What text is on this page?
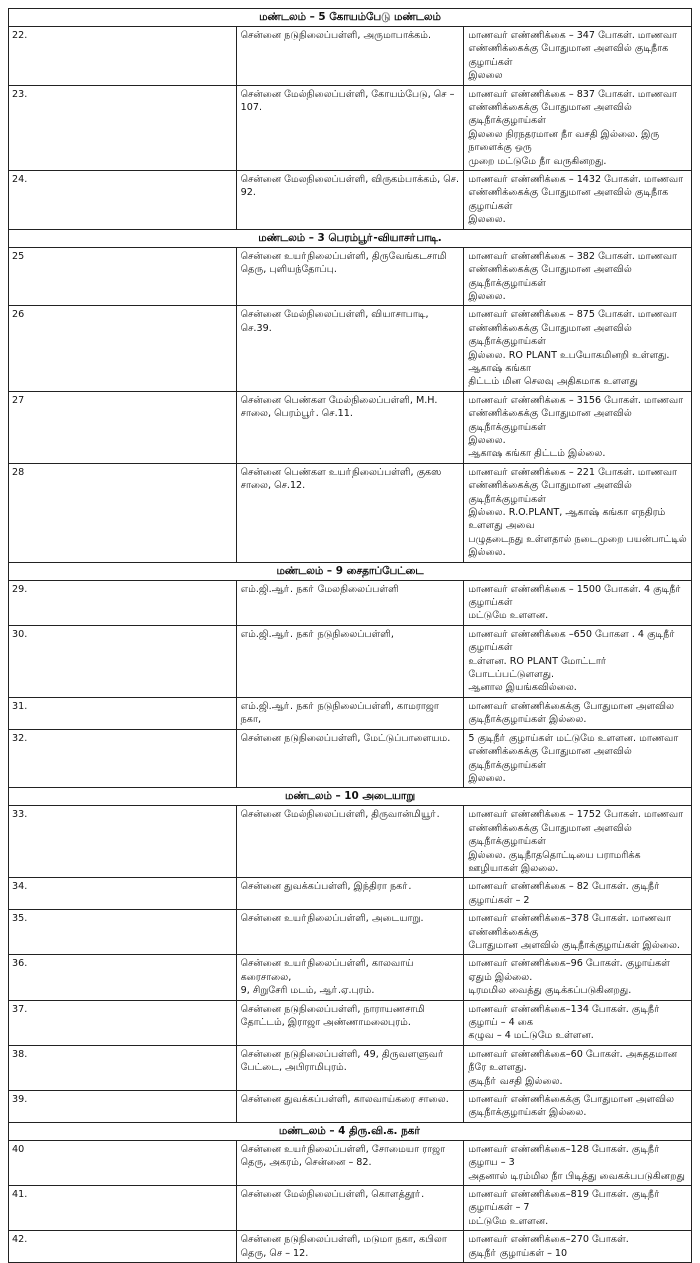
மண்டலம் – 5 கோயம்பேடு மண்டலம்		
22.	சென்னை நடுநிலைப்பள்ளி, அருமாபாக்கம்.	மாணவர் எண்ணிக்கை – 347 போகள். மாணவா
எண்ணிக்கைக்கு போதுமான அளவில் குடிநீாக குழாய்கள்
இலலை

23.	சென்னை மேல்நிலைப்பள்ளி, கோயம்பேடு, செ –
107.	மாணவர் எண்ணிக்கை – 837 போகள். மாணவா
எண்ணிக்கைக்கு போதுமான அளவில் குடிநீாக்குழாய்கள்
இலலை நிரநதரமான நீா வசதி இல்லை. இரு நாளைக்கு ஒரு
முறை மட்டுமே நீா வருகினறது.

24.	சென்னை மேலநிலைப்பள்ளி, விருகம்பாக்கம், செ.
92.	மாணவர் எண்ணிக்கை – 1432 போகள். மாணவா
எண்ணிக்கைக்கு போதுமான அளவில் குடிநீாக குழாய்கள்
இலலை.

மண்டலம் – 3 பெரம்பூா்-வியாசா்பாடி.		
25	சென்னை உயா்நிலைப்பள்ளி, திருவேங்கடசாமி
தெரு, புளியந்தோப்பு.	மாணவர் எண்ணிக்கை – 382 போகள். மாணவா
எண்ணிக்கைக்கு போதுமான அளவில் குடிநீாக்குழாய்கள்
இலலை.

26	சென்னை மேல்நிலைப்பள்ளி, வியாசாபாடி, செ.39.	மாணவர் எண்ணிக்கை – 875 போகள். மாணவா
எண்ணிக்கைக்கு போதுமான அளவில் குடிநீாக்குழாய்கள்
இல்லை. RO PLANT உபயோகமினறி உள்ளது. ஆகாஷ் கங்கா
திட்டம் மின செலவு அதிகமாக உளளது

27	சென்னை பெண்கள மேல்நிலைப்பள்ளி, M.H.
சாலை, பெரம்பூா். செ.11.	மாணவர் எண்ணிக்கை – 3156 போகள். மாணவா
எண்ணிக்கைக்கு போதுமான அளவில் குடிநீாக்குழாய்கள்
இலலை.
ஆகாஷ கங்கா திட்டம் இல்லை.

28	சென்னை பெண்கள உயா்நிலைப்பள்ளி, குகஸ
சாலை, செ.12.	மாணவர் எண்ணிக்கை – 221 போகள். மாணவா
எண்ணிக்கைக்கு போதுமான அளவில் குடிநீாக்குழாய்கள்
இல்லை. R.O.PLANT, ஆகாஷ் கங்கா எநதிரம் உளளது அவை
பழுதடைநது உள்ளதால் நடைமுறை பயன்பாட்டில் இல்லை.

மண்டலம் – 9 சைதாப்பேட்டை		
29.	எம்.ஜி.ஆா். நகா் மேலநிலைப்பள்ளி	மாணவர் எண்ணிக்கை – 1500 போகள். 4 குடிநீா் குழாய்கள்
மட்டுமே உளளன.

30.	எம்.ஜி.ஆா். நகா் நடுநிலைப்பள்ளி,	மாணவர் எண்ணிக்கை –650 போகள . 4 குடிநீா் குழாய்கள்
உள்ளன. RO PLANT மோட்டாா் போடப்பட்டுளளது.
ஆனால இயங்கவில்லை.

31.	எம்.ஜி.ஆா். நகா் நடுநிலைப்பள்ளி, காமராஜா நகா,	மாணவர் எண்ணிக்கைக்கு போதுமான அளவில
குடிநீாக்குழாய்கள் இல்லை.

32.	சென்னை நடுநிலைப்பள்ளி, மேட்டுப்பாளையம.	5 குடிநீா் குழாய்கள் மட்டுமே உளளன. மாணவா
எண்ணிக்கைக்கு போதுமான அளவில் குடிநீாக்குழாய்கள்
இலலை.

மண்டலம் – 10 அடையாறு		
33.	சென்னை மேல்நிலைப்பள்ளி, திருவான்மியூா்.	மாணவர் எண்ணிக்கை – 1752 போகள். மாணவா
எண்ணிக்கைக்கு போதுமான அளவில் குடிநீாக்குழாய்கள்
இல்லை. குடிநீாததொட்டியை பராமரிக்க ஊழியாகள் இலலை.

34.	சென்னை துவக்கப்பள்ளி, இந்திரா நகா்.	மாணவர் எண்ணிக்கை – 82 போகள். குடிநீா் குழாய்கள் – 2

35.	சென்னை உயா்நிலைப்பள்ளி, அடையாறு.	மாணவர் எண்ணிக்கை–378 போகள். மாணவா எண்ணிக்கைக்கு
போதுமான அளவில் குடிநீாக்குழாய்கள் இல்லை.

36.	சென்னை உயா்நிலைப்பள்ளி, காலவாய் கரைசாலை,
9, சிறுசேரி மடம், ஆா்.ஏ.புரம்.	மாணவர் எண்ணிக்கை–96 போகள். குழாய்கள் ஏதும் இல்லை.
டிரமமில வைத்து குடிக்கப்படுகினறது.

37.	சென்னை நடுநிலைப்பள்ளி, நாராயணசாமி
தோட்டம், இராஜா அண்ணாமலைபுரம்.	மாணவர் எண்ணிக்கை–134 போகள். குடிநீா் குழாய் – 4 கை
கழுவ – 4 மட்டுமே உள்ளன.

38.	சென்னை நடுநிலைப்பள்ளி, 49, திருவளளுவா்
பேட்டை, அபிராமிபுரம்.	மாணவர் எண்ணிக்கை–60 போகள். அசுததமான நீரே உளளது.
குடிநீா் வசதி இல்லை.

39.	சென்னை துவக்கப்பள்ளி, காலவாய்கரை சாலை.	மாணவர் எண்ணிக்கைக்கு போதுமான அளவில
குடிநீாக்குழாய்கள் இல்லை.

மண்டலம் – 4 திரு.வி.க. நகா்		
40	சென்னை உயா்நிலைப்பள்ளி, சோமையா ராஜா
தெரு, அகரம், சென்னை – 82.	மாணவர் எண்ணிக்கை–128 போகள். குடிநீா் குழாய – 3
அதனால் டிரம்மில நீா பிடித்து வைகக்பபடுகினறது

41.	சென்னை மேல்நிலைப்பள்ளி, கொளத்தூா்.	மாணவர் எண்ணிக்கை–819 போகள். குடிநீா் குழாய்கள் – 7
மட்டுமே உளளன.

42.	சென்னை நடுநிலைப்பள்ளி, மடுமா நகா, கபிலா
தெரு, செ – 12.	மாணவர் எண்ணிக்கை–270 போகள்.
குடிநீா் குழாய்கள் – 10
